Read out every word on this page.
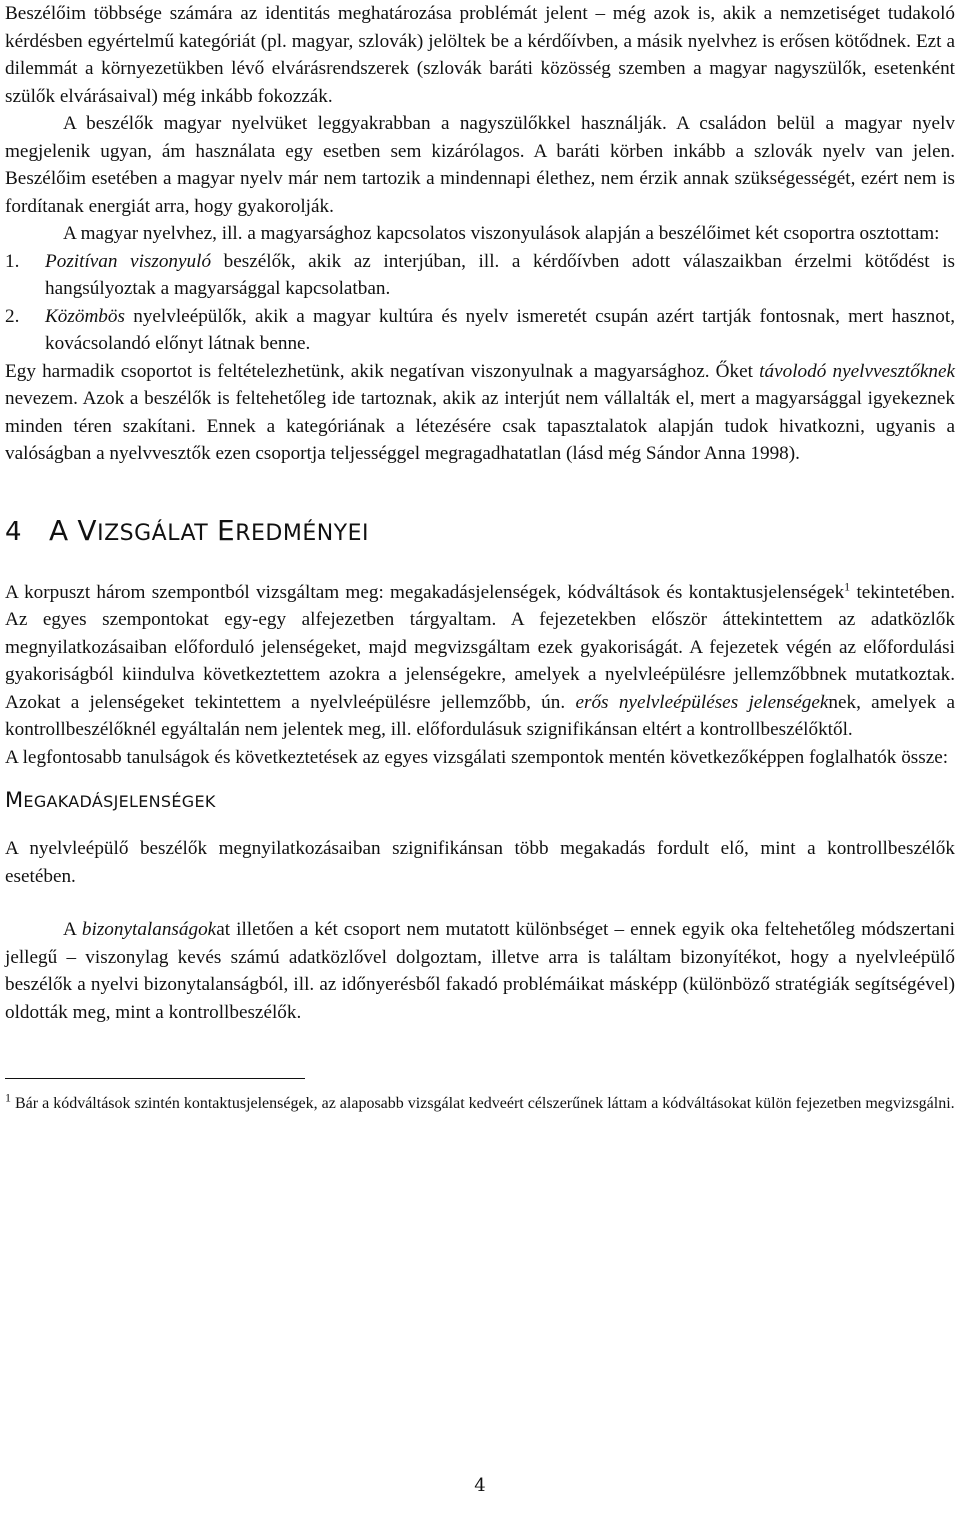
Beszélőim többsége számára az identitás meghatározása problémát jelent – még azok is, akik a nemzetiséget tudakoló kérdésben egyértelmű kategóriát (pl. magyar, szlovák) jelöltek be a kérdőívben, a másik nyelvhez is erősen kötődnek. Ezt a dilemmát a környezetükben lévő elvárásrendszerek (szlovák baráti közösség szemben a magyar nagyszülők, esetenként szülők elvárásaival) még inkább fokozzák.

A beszélők magyar nyelvüket leggyakrabban a nagyszülőkkel használják. A családon belül a magyar nyelv megjelenik ugyan, ám használata egy esetben sem kizárólagos. A baráti körben inkább a szlovák nyelv van jelen. Beszélőim esetében a magyar nyelv már nem tartozik a mindennapi élethez, nem érzik annak szükségességét, ezért nem is fordítanak energiát arra, hogy gyakorolják.

A magyar nyelvhez, ill. a magyarsághoz kapcsolatos viszonyulások alapján a beszélőimet két csoportra osztottam:

1.	Pozitívan viszonyuló beszélők, akik az interjúban, ill. a kérdőívben adott válaszaikban érzelmi kötődést is hangsúlyoztak a magyarsággal kapcsolatban.
2.	Közömbös nyelvleépülők, akik a magyar kultúra és nyelv ismeretét csupán azért tartják fontosnak, mert hasznot, kovácsolandó előnyt látnak benne.

Egy harmadik csoportot is feltételezhetünk, akik negatívan viszonyulnak a magyarsághoz. Őket távolodó nyelvvesztőknek nevezem. Azok a beszélők is feltehetőleg ide tartoznak, akik az interjút nem vállalták el, mert a magyarsággal igyekeznek minden téren szakítani. Ennek a kategóriának a létezésére csak tapasztalatok alapján tudok hivatkozni, ugyanis a valóságban a nyelvvesztők ezen csoportja teljességgel megragadhatatlan (lásd még Sándor Anna 1998).

4 A VIZSGÁLAT EREDMÉNYEI

A korpuszt három szempontból vizsgáltam meg: megakadásjelenségek, kódváltások és kontaktusjelenségek$^1$ tekintetében. Az egyes szempontokat egy-egy alfejezetben tárgyaltam. A fejezetekben először áttekintettem az adatközlők megnyilatkozásaiban előforduló jelenségeket, majd megvizsgáltam ezek gyakoriságát. A fejezetek végén az előfordulási gyakoriságból kiindulva következtettem azokra a jelenségekre, amelyek a nyelvleépülésre jellemzőbbnek mutatkoztak. Azokat a jelenségeket tekintettem a nyelvleépülésre jellemzőbb, ún. erős nyelvleépüléses jelenségeknek, amelyek a kontrollbeszélőknél egyáltalán nem jelentek meg, ill. előfordulásuk szignifikánsan eltért a kontrollbeszélőktől.

A legfontosabb tanulságok és következtetések az egyes vizsgálati szempontok mentén következőképpen foglalhatók össze:

MEGAKADÁSJELENSÉGEK

A nyelvleépülő beszélők megnyilatkozásaiban szignifikánsan több megakadás fordult elő, mint a kontrollbeszélők esetében.

A bizonytalanságokat illetően a két csoport nem mutatott különbséget – ennek egyik oka feltehetőleg módszertani jellegű – viszonylag kevés számú adatközlővel dolgoztam, illetve arra is találtam bizonyítékot, hogy a nyelvleépülő beszélők a nyelvi bizonytalanságból, ill. az időnyerésből fakadó problémáikat másképp (különböző stratégiák segítségével) oldották meg, mint a kontrollbeszélők.

$^1$ Bár a kódváltások szintén kontaktusjelenségek, az alaposabb vizsgálat kedveért célszerűnek láttam a kódváltásokat külön fejezetben megvizsgálni.

4
